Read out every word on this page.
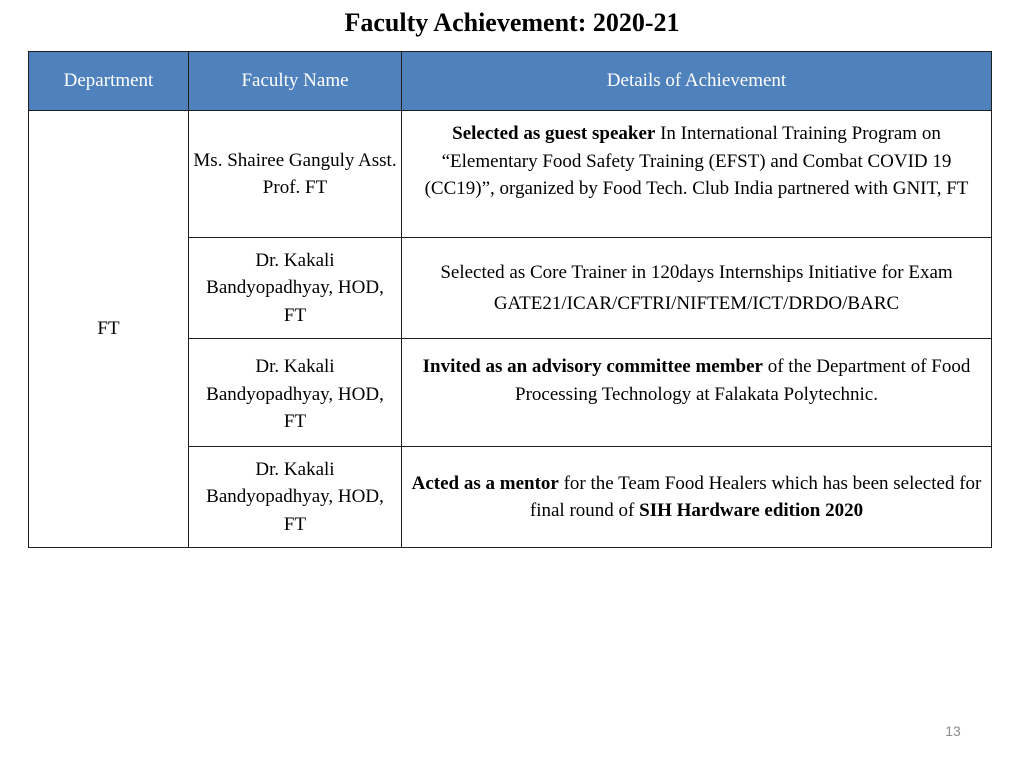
Faculty Achievement: 2020-21
Department	Faculty Name	Details of Achievement
FT	Ms. Shairee Ganguly Asst. Prof. FT	Selected as guest speaker In International Training Program on “Elementary Food Safety Training (EFST) and Combat COVID 19 (CC19)”, organized by Food Tech. Club India partnered with GNIT, FT
	Dr. Kakali Bandyopadhyay, HOD, FT	Selected as Core Trainer in 120days Internships Initiative for Exam GATE21/ICAR/CFTRI/NIFTEM/ICT/DRDO/BARC
	Dr. Kakali Bandyopadhyay, HOD, FT	Invited as an advisory committee member of the Department of Food Processing Technology at Falakata Polytechnic.
	Dr. Kakali Bandyopadhyay, HOD, FT	Acted as a mentor for the Team Food Healers which has been selected for final round of SIH Hardware edition 2020
13
